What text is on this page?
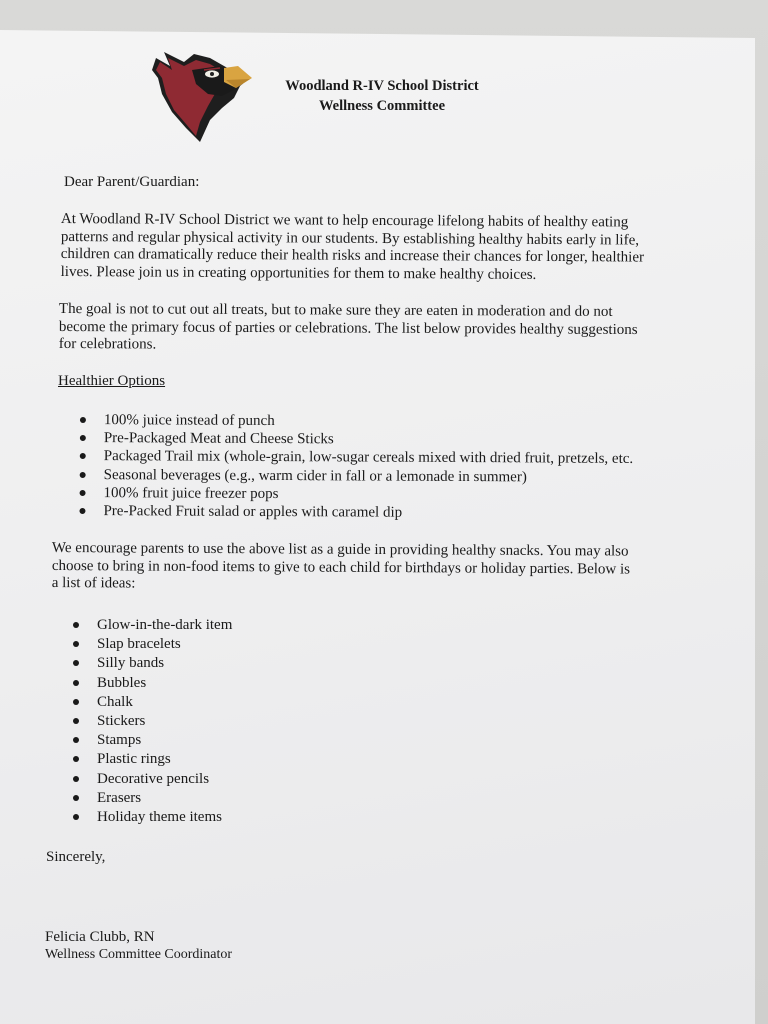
Woodland R-IV School District
Wellness Committee
Dear Parent/Guardian:
At Woodland R-IV School District we want to help encourage lifelong habits of healthy eating
patterns and regular physical activity in our students. By establishing healthy habits early in life,
children can dramatically reduce their health risks and increase their chances for longer, healthier
lives. Please join us in creating opportunities for them to make healthy choices.
The goal is not to cut out all treats, but to make sure they are eaten in moderation and do not
become the primary focus of parties or celebrations. The list below provides healthy suggestions
for celebrations.
Healthier Options
100% juice instead of punch
Pre-Packaged Meat and Cheese Sticks
Packaged Trail mix (whole-grain, low-sugar cereals mixed with dried fruit, pretzels, etc.
Seasonal beverages (e.g., warm cider in fall or a lemonade in summer)
100% fruit juice freezer pops
Pre-Packed Fruit salad or apples with caramel dip
We encourage parents to use the above list as a guide in providing healthy snacks. You may also
choose to bring in non-food items to give to each child for birthdays or holiday parties. Below is
a list of ideas:
Glow-in-the-dark item
Slap bracelets
Silly bands
Bubbles
Chalk
Stickers
Stamps
Plastic rings
Decorative pencils
Erasers
Holiday theme items
Sincerely,
Felicia Clubb, RN
Wellness Committee Coordinator
